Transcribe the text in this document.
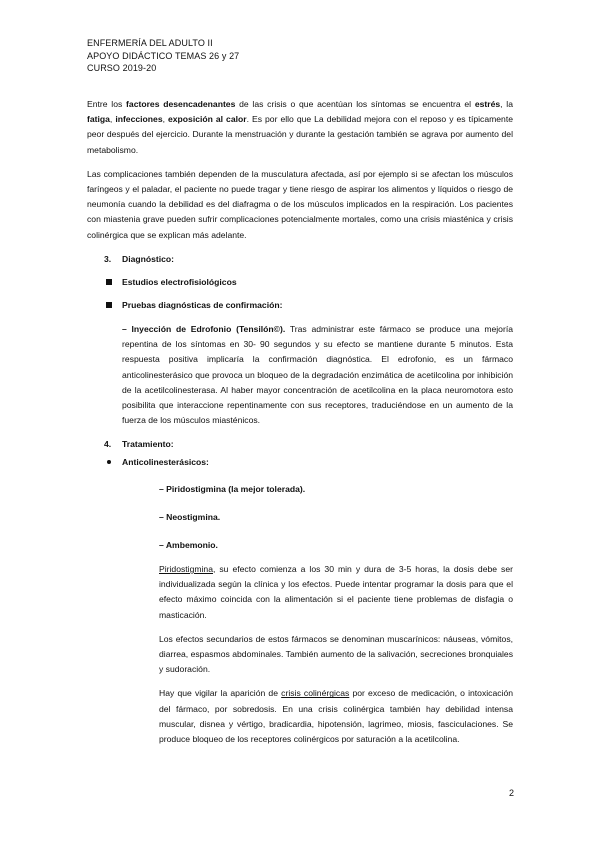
ENFERMERÍA DEL ADULTO II
APOYO DIDÁCTICO TEMAS 26 y 27
CURSO 2019-20

Entre los factores desencadenantes de las crisis o que acentúan los síntomas se encuentra el estrés, la fatiga, infecciones, exposición al calor. Es por ello que La debilidad mejora con el reposo y es típicamente peor después del ejercicio. Durante la menstruación y durante la gestación también se agrava por aumento del metabolismo.

Las complicaciones también dependen de la musculatura afectada, así por ejemplo si se afectan los músculos faríngeos y el paladar, el paciente no puede tragar y tiene riesgo de aspirar los alimentos y líquidos o riesgo de neumonía cuando la debilidad es del diafragma o de los músculos implicados en la respiración. Los pacientes con miastenia grave pueden sufrir complicaciones potencialmente mortales, como una crisis miasténica y crisis colinérgica que se explican más adelante.

3. Diagnóstico:
Estudios electrofisiológicos
Pruebas diagnósticas de confirmación:

– Inyección de Edrofonio (Tensilón©). Tras administrar este fármaco se produce una mejoría repentina de los síntomas en 30- 90 segundos y su efecto se mantiene durante 5 minutos. Esta respuesta positiva implicaría la confirmación diagnóstica. El edrofonio, es un fármaco anticolinesterásico que provoca un bloqueo de la degradación enzimática de acetilcolina por inhibición de la acetilcolinesterasa. Al haber mayor concentración de acetilcolina en la placa neuromotora esto posibilita que interaccione repentinamente con sus receptores, traduciéndose en un aumento de la fuerza de los músculos miasténicos.

4. Tratamiento:
Anticolinesterásicos:
– Piridostigmina (la mejor tolerada).
– Neostigmina.
– Ambemonio.

Piridostigmina, su efecto comienza a los 30 min y dura de 3-5 horas, la dosis debe ser individualizada según la clínica y los efectos. Puede intentar programar la dosis para que el efecto máximo coincida con la alimentación si el paciente tiene problemas de disfagia o masticación.

Los efectos secundarios de estos fármacos se denominan muscarínicos: náuseas, vómitos, diarrea, espasmos abdominales. También aumento de la salivación, secreciones bronquiales y sudoración.

Hay que vigilar la aparición de crisis colinérgicas por exceso de medicación, o intoxicación del fármaco, por sobredosis. En una crisis colinérgica también hay debilidad intensa muscular, disnea y vértigo, bradicardia, hipotensión, lagrimeo, miosis, fasciculaciones. Se produce bloqueo de los receptores colinérgicos por saturación a la acetilcolina.

2
